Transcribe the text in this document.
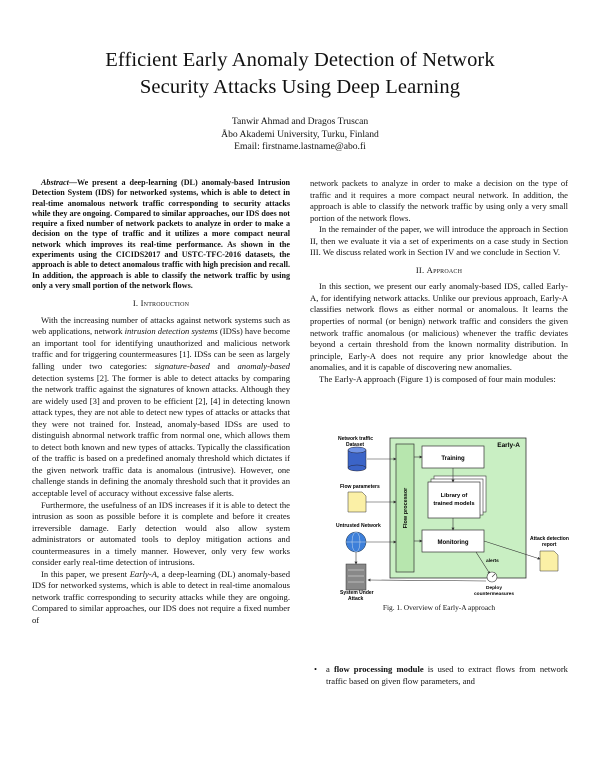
Efficient Early Anomaly Detection of Network
Security Attacks Using Deep Learning
Tanwir Ahmad and Dragos Truscan
Åbo Akademi University, Turku, Finland
Email: firstname.lastname@abo.fi

Abstract—We present a deep-learning (DL) anomaly-based Intrusion Detection System (IDS) for networked systems, which is able to detect in real-time anomalous network traffic corresponding to security attacks while they are ongoing. Compared to similar approaches, our IDS does not require a fixed number of network packets to analyze in order to make a decision on the type of traffic and it utilizes a more compact neural network which improves its real-time performance. As shown in the experiments using the CICIDS2017 and USTC-TFC-2016 datasets, the approach is able to detect anomalous traffic with high precision and recall. In addition, the approach is able to classify the network traffic by using only a very small portion of the network flows.

I. Introduction

With the increasing number of attacks against network systems such as web applications, network intrusion detection systems (IDSs) have become an important tool for identifying unauthorized and malicious network traffic and for triggering countermeasures [1]. IDSs can be seen as largely falling under two categories: signature-based and anomaly-based detection systems [2]. The former is able to detect attacks by comparing the network traffic against the signatures of known attacks. Although they are widely used [3] and proven to be efficient [2], [4] in detecting known attack types, they are not able to detect new types of attacks or attacks that they were not trained for. Instead, anomaly-based IDSs are used to distinguish abnormal network traffic from normal one, which allows them to detect both known and new types of attacks. Typically the classification of the traffic is based on a predefined anomaly threshold which dictates if the given network traffic data is anomalous (intrusive). However, one challenge stands in defining the anomaly threshold such that it provides an acceptable level of accuracy without excessive false alerts.

Furthermore, the usefulness of an IDS increases if it is able to detect the intrusion as soon as possible before it is complete and before it creates irreversible damage. Early detection would also allow system administrators or automated tools to deploy mitigation actions and countermeasures in a timely manner. However, only very few works consider early real-time detection of intrusions.

In this paper, we present Early-A, a deep-learning (DL) anomaly-based IDS for networked systems, which is able to detect in real-time anomalous network traffic corresponding to security attacks while they are ongoing. Compared to similar approaches, our IDS does not require a fixed number of

network packets to analyze in order to make a decision on the type of traffic and it requires a more compact neural network. In addition, the approach is able to classify the network traffic by using only a very small portion of the network flows.

In the remainder of the paper, we will introduce the approach in Section II, then we evaluate it via a set of experiments on a case study in Section III. We discuss related work in Section IV and we conclude in Section V.

II. Approach

In this section, we present our early anomaly-based IDS, called Early-A, for identifying network attacks. Unlike our previous approach, Early-A classifies network flows as either normal or anomalous. It learns the properties of normal (or benign) network traffic and considers the given network traffic anomalous (or malicious) whenever the traffic deviates beyond a certain threshold from the known normality distribution. In principle, Early-A does not require any prior knowledge about the anomalies, and it is capable of discovering new anomalies.

The Early-A approach (Figure 1) is composed of four main modules:

Early-A
Flow processor
Training
Library of
trained models
Monitoring
Network traffic
Dataset
Flow parameters
Untrusted Network
System Under
Attack
Attack detection
report
alerts
Deploy
countermeasures
Fig. 1. Overview of Early-A approach
• a flow processing module is used to extract flows from network traffic based on given flow parameters, and
